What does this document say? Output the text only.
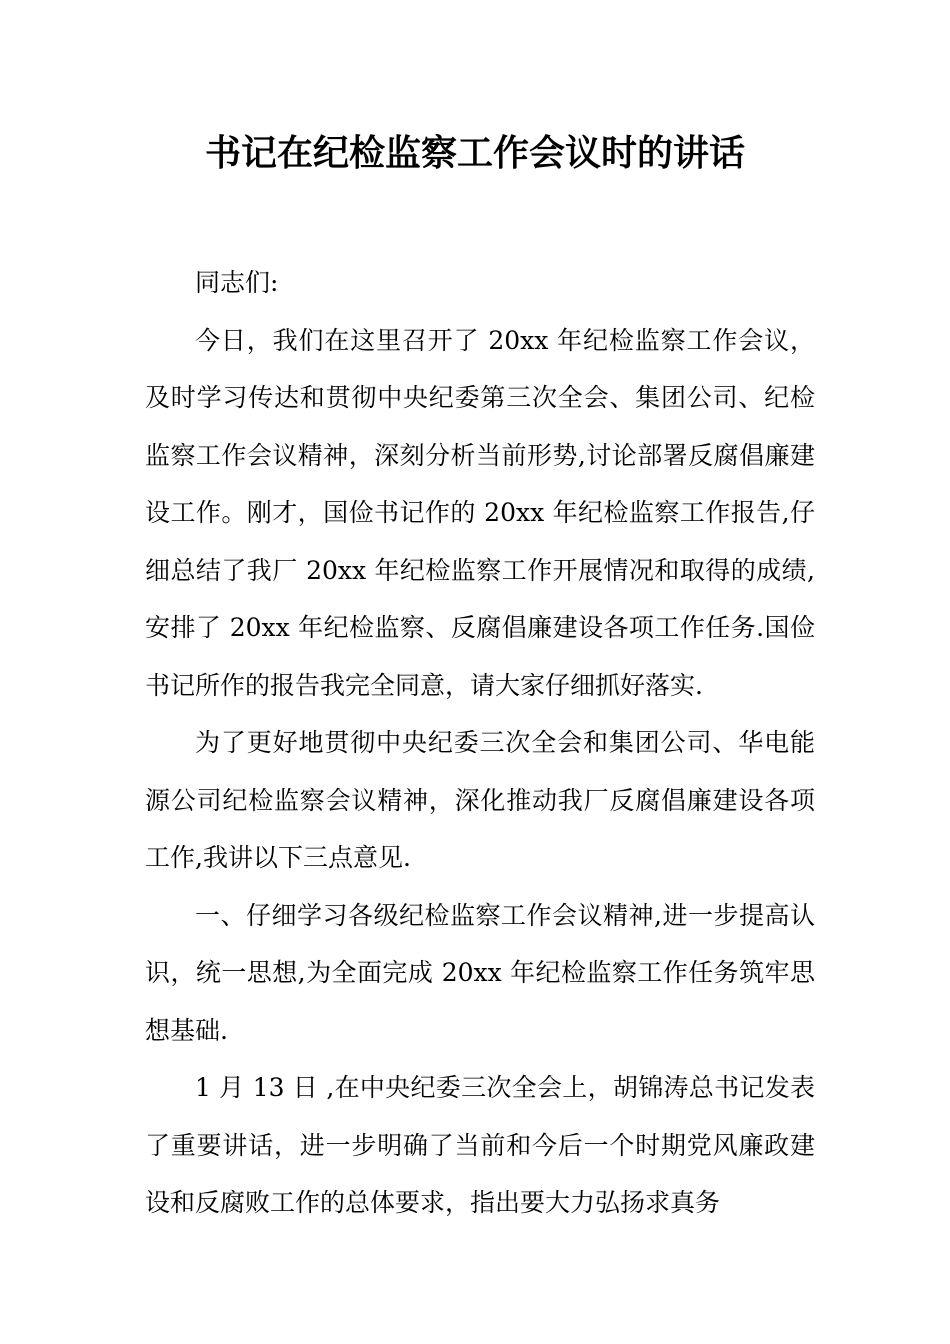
书记在纪检监察工作会议时的讲话

同志们:

今日，我们在这里召开了 20xx 年纪检监察工作会议，及时学习传达和贯彻中央纪委第三次全会、集团公司、纪检监察工作会议精神，深刻分析当前形势,讨论部署反腐倡廉建设工作。刚才，国俭书记作的 20xx 年纪检监察工作报告,仔细总结了我厂 20xx 年纪检监察工作开展情况和取得的成绩,安排了 20xx 年纪检监察、反腐倡廉建设各项工作任务.国俭书记所作的报告我完全同意，请大家仔细抓好落实.

为了更好地贯彻中央纪委三次全会和集团公司、华电能源公司纪检监察会议精神，深化推动我厂反腐倡廉建设各项工作,我讲以下三点意见.

一、仔细学习各级纪检监察工作会议精神,进一步提高认识，统一思想,为全面完成 20xx 年纪检监察工作任务筑牢思想基础.

1 月 13 日 ,在中央纪委三次全会上，胡锦涛总书记发表了重要讲话，进一步明确了当前和今后一个时期党风廉政建设和反腐败工作的总体要求，指出要大力弘扬求真务
